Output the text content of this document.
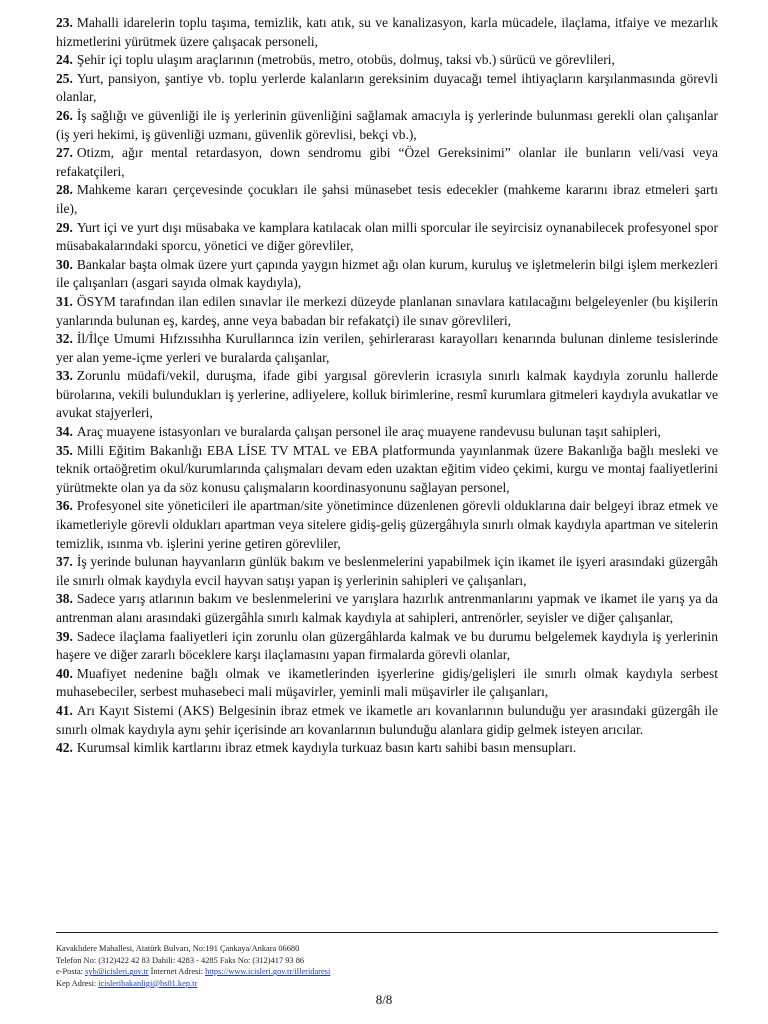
23. Mahalli idarelerin toplu taşıma, temizlik, katı atık, su ve kanalizasyon, karla mücadele, ilaçlama, itfaiye ve mezarlık hizmetlerini yürütmek üzere çalışacak personeli,

24. Şehir içi toplu ulaşım araçlarının (metrobüs, metro, otobüs, dolmuş, taksi vb.) sürücü ve görevlileri,

25. Yurt, pansiyon, şantiye vb. toplu yerlerde kalanların gereksinim duyacağı temel ihtiyaçların karşılanmasında görevli olanlar,

26. İş sağlığı ve güvenliği ile iş yerlerinin güvenliğini sağlamak amacıyla iş yerlerinde bulunması gerekli olan çalışanlar (iş yeri hekimi, iş güvenliği uzmanı, güvenlik görevlisi, bekçi vb.),

27. Otizm, ağır mental retardasyon, down sendromu gibi “Özel Gereksinimi” olanlar ile bunların veli/vasi veya refakatçileri,

28. Mahkeme kararı çerçevesinde çocukları ile şahsi münasebet tesis edecekler (mahkeme kararını ibraz etmeleri şartı ile),

29. Yurt içi ve yurt dışı müsabaka ve kamplara katılacak olan milli sporcular ile seyircisiz oynanabilecek profesyonel spor müsabakalarındaki sporcu, yönetici ve diğer görevliler,

30. Bankalar başta olmak üzere yurt çapında yaygın hizmet ağı olan kurum, kuruluş ve işletmelerin bilgi işlem merkezleri ile çalışanları (asgari sayıda olmak kaydıyla),

31. ÖSYM tarafından ilan edilen sınavlar ile merkezi düzeyde planlanan sınavlara katılacağını belgeleyenler (bu kişilerin yanlarında bulunan eş, kardeş, anne veya babadan bir refakatçi) ile sınav görevlileri,

32. İl/İlçe Umumi Hıfzıssıhha Kurullarınca izin verilen, şehirlerarası karayolları kenarında bulunan dinleme tesislerinde yer alan yeme-içme yerleri ve buralarda çalışanlar,

33. Zorunlu müdafi/vekil, duruşma, ifade gibi yargısal görevlerin icrasıyla sınırlı kalmak kaydıyla zorunlu hallerde bürolarına, vekili bulundukları iş yerlerine, adliyelere, kolluk birimlerine, resmî kurumlara gitmeleri kaydıyla avukatlar ve avukat stajyerleri,

34. Araç muayene istasyonları ve buralarda çalışan personel ile araç muayene randevusu bulunan taşıt sahipleri,

35. Milli Eğitim Bakanlığı EBA LİSE TV MTAL ve EBA platformunda yayınlanmak üzere Bakanlığa bağlı mesleki ve teknik ortaöğretim okul/kurumlarında çalışmaları devam eden uzaktan eğitim video çekimi, kurgu ve montaj faaliyetlerini yürütmekte olan ya da söz konusu çalışmaların koordinasyonunu sağlayan personel,

36. Profesyonel site yöneticileri ile apartman/site yönetimince düzenlenen görevli olduklarına dair belgeyi ibraz etmek ve ikametleriyle görevli oldukları apartman veya sitelere gidiş-geliş güzergâhıyla sınırlı olmak kaydıyla apartman ve sitelerin temizlik, ısınma vb. işlerini yerine getiren görevliler,

37. İş yerinde bulunan hayvanların günlük bakım ve beslenmelerini yapabilmek için ikamet ile işyeri arasındaki güzergâh ile sınırlı olmak kaydıyla evcil hayvan satışı yapan iş yerlerinin sahipleri ve çalışanları,

38. Sadece yarış atlarının bakım ve beslenmelerini ve yarışlara hazırlık antrenmanlarını yapmak ve ikamet ile yarış ya da antrenman alanı arasındaki güzergâhla sınırlı kalmak kaydıyla at sahipleri, antrenörler, seyisler ve diğer çalışanlar,

39. Sadece ilaçlama faaliyetleri için zorunlu olan güzergâhlarda kalmak ve bu durumu belgelemek kaydıyla iş yerlerinin haşere ve diğer zararlı böceklere karşı ilaçlamasını yapan firmalarda görevli olanlar,

40. Muafiyet nedenine bağlı olmak ve ikametlerinden işyerlerine gidiş/gelişleri ile sınırlı olmak kaydıyla serbest muhasebeciler, serbest muhasebeci mali müşavirler, yeminli mali müşavirler ile çalışanları,

41. Arı Kayıt Sistemi (AKS) Belgesinin ibraz etmek ve ikametle arı kovanlarının bulunduğu yer arasındaki güzergâh ile sınırlı olmak kaydıyla aynı şehir içerisinde arı kovanlarının bulunduğu alanlara gidip gelmek isteyen arıcılar.

42. Kurumsal kimlik kartlarını ibraz etmek kaydıyla turkuaz basın kartı sahibi basın mensupları.

Kavaklıdere Mahallesi, Atatürk Bulvarı, No:191 Çankaya/Ankara 06680
Telefon No: (312)422 42 83 Dahili: 4283 - 4285 Faks No: (312)417 93 86
e-Posta: syb@icisleri.gov.tr İnternet Adresi: https://www.icisleri.gov.tr/illeridaresi
Kep Adresi: icisleribakanligi@hs01.kep.tr
8/8
